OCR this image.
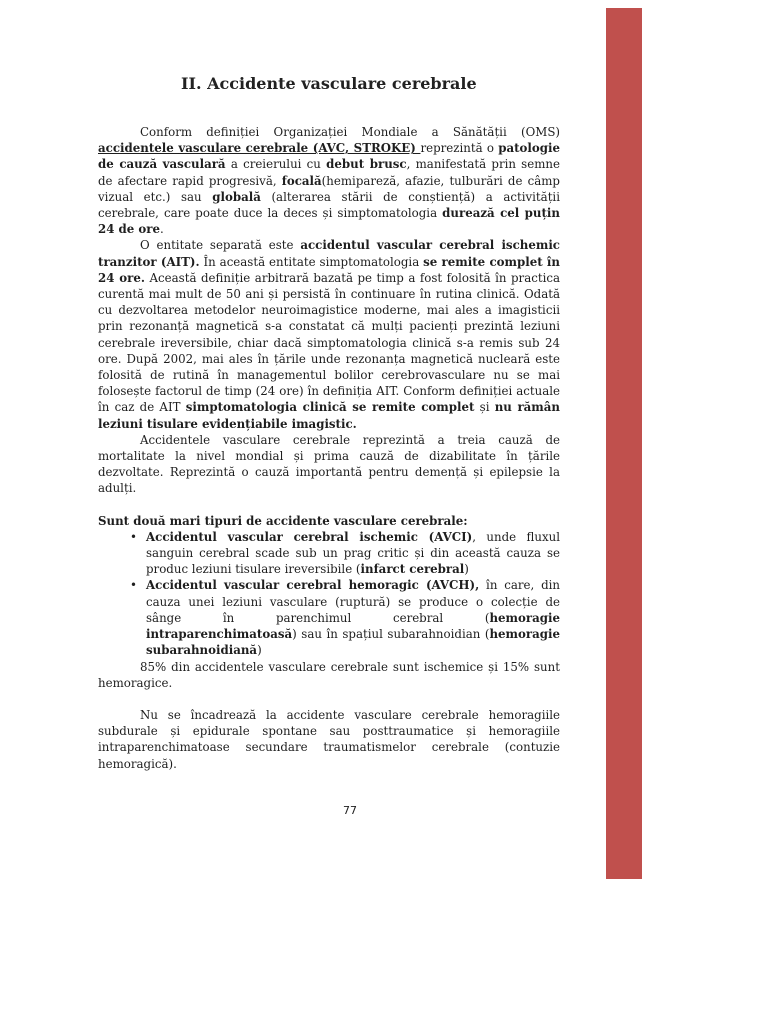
II. Accidente vasculare cerebrale

Conform definiției Organizației Mondiale a Sănătății (OMS) accidentele vasculare cerebrale (AVC, STROKE) reprezintă o patologie de cauză vasculară a creierului cu debut brusc, manifestată prin semne de afectare rapid progresivă, focală(hemipareză, afazie, tulburări de câmp vizual etc.) sau globală (alterarea stării de conștiență) a activității cerebrale, care poate duce la deces și simptomatologia durează cel puțin 24 de ore.

O entitate separată este accidentul vascular cerebral ischemic tranzitor (AIT). În această entitate simptomatologia se remite complet în 24 ore. Această definiție arbitrară bazată pe timp a fost folosită în practica curentă mai mult de 50 ani și persistă în continuare în rutina clinică. Odată cu dezvoltarea metodelor neuroimagistice moderne, mai ales a imagisticii prin rezonanță magnetică s-a constatat că mulți pacienți prezintă leziuni cerebrale ireversibile, chiar dacă simptomatologia clinică s-a remis sub 24 ore. După 2002, mai ales în țările unde rezonanța magnetică nucleară este folosită de rutină în managementul bolilor cerebrovasculare nu se mai folosește factorul de timp (24 ore) în definiția AIT. Conform definiției actuale în caz de AIT simptomatologia clinică se remite complet și nu rămân leziuni tisulare evidențiabile imagistic.

Accidentele vasculare cerebrale reprezintă a treia cauză de mortalitate la nivel mondial și prima cauză de dizabilitate în țările dezvoltate. Reprezintă o cauză importantă pentru demență și epilepsie la adulți.

Sunt două mari tipuri de accidente vasculare cerebrale:

• Accidentul vascular cerebral ischemic (AVCI), unde fluxul sanguin cerebral scade sub un prag critic și din această cauza se produc leziuni tisulare ireversibile (infarct cerebral)
• Accidentul vascular cerebral hemoragic (AVCH), în care, din cauza unei leziuni vasculare (ruptură) se produce o colecție de sânge în parenchimul cerebral (hemoragie intraparenchimatoasă) sau în spațiul subarahnoidian (hemoragie subarahnoidiană)

85% din accidentele vasculare cerebrale sunt ischemice și 15% sunt hemoragice.

Nu se încadrează la accidente vasculare cerebrale hemoragiile subdurale și epidurale spontane sau posttraumatice și hemoragiile intraparenchimatoase secundare traumatismelor cerebrale (contuzie hemoragică).

77
